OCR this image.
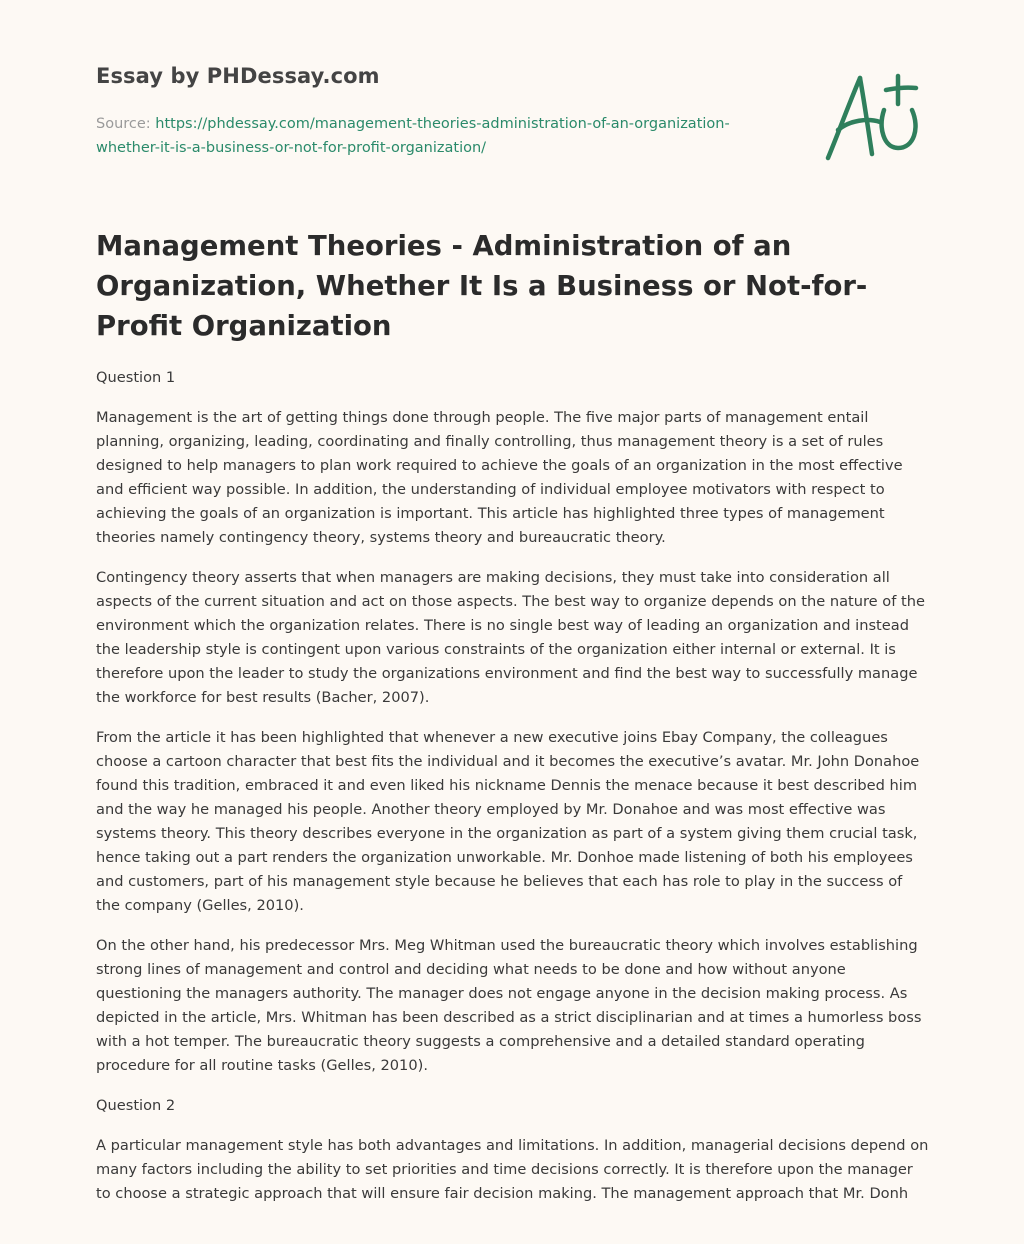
Essay by PHDessay.com
Source: https://phdessay.com/management-theories-administration-of-an-organization-whether-it-is-a-business-or-not-for-profit-organization/
Management Theories - Administration of an Organization, Whether It Is a Business or Not-for-Profit Organization

Question 1

Management is the art of getting things done through people. The five major parts of management entail planning, organizing, leading, coordinating and finally controlling, thus management theory is a set of rules designed to help managers to plan work required to achieve the goals of an organization in the most effective and efficient way possible. In addition, the understanding of individual employee motivators with respect to achieving the goals of an organization is important. This article has highlighted three types of management theories namely contingency theory, systems theory and bureaucratic theory.

Contingency theory asserts that when managers are making decisions, they must take into consideration all aspects of the current situation and act on those aspects. The best way to organize depends on the nature of the environment which the organization relates. There is no single best way of leading an organization and instead the leadership style is contingent upon various constraints of the organization either internal or external. It is therefore upon the leader to study the organizations environment and find the best way to successfully manage the workforce for best results (Bacher, 2007).

From the article it has been highlighted that whenever a new executive joins Ebay Company, the colleagues choose a cartoon character that best fits the individual and it becomes the executive’s avatar. Mr. John Donahoe found this tradition, embraced it and even liked his nickname Dennis the menace because it best described him and the way he managed his people. Another theory employed by Mr. Donahoe and was most effective was systems theory. This theory describes everyone in the organization as part of a system giving them crucial task, hence taking out a part renders the organization unworkable. Mr. Donhoe made listening of both his employees and customers, part of his management style because he believes that each has role to play in the success of the company (Gelles, 2010).

On the other hand, his predecessor Mrs. Meg Whitman used the bureaucratic theory which involves establishing strong lines of management and control and deciding what needs to be done and how without anyone questioning the managers authority. The manager does not engage anyone in the decision making process. As depicted in the article, Mrs. Whitman has been described as a strict disciplinarian and at times a humorless boss with a hot temper. The bureaucratic theory suggests a comprehensive and a detailed standard operating procedure for all routine tasks (Gelles, 2010).

Question 2

A particular management style has both advantages and limitations. In addition, managerial decisions depend on many factors including the ability to set priorities and time decisions correctly. It is therefore upon the manager to choose a strategic approach that will ensure fair decision making. The management approach that Mr. Donh
